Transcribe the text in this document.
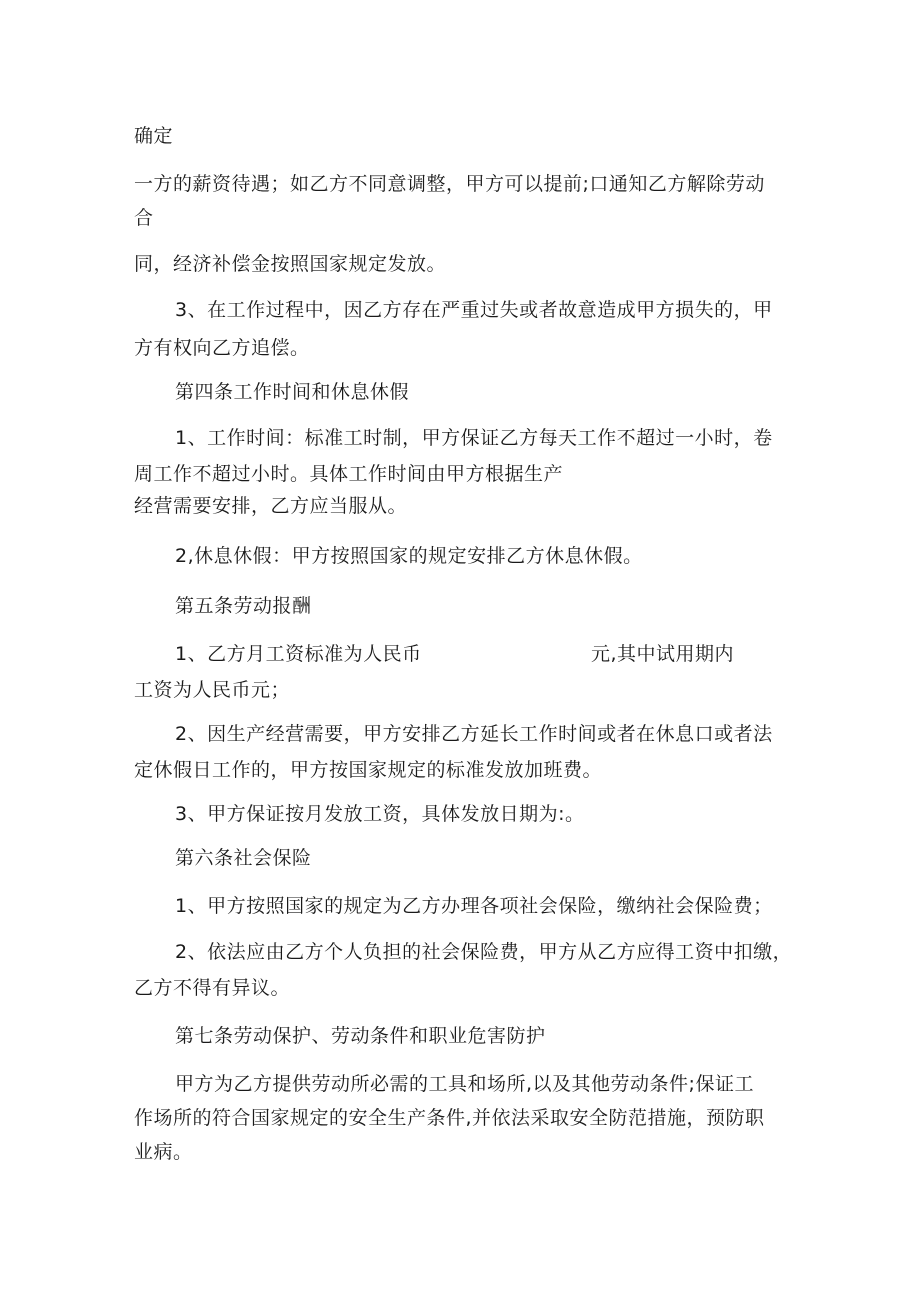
确定
一方的薪资待遇；如乙方不同意调整，甲方可以提前;口通知乙方解除劳动
合
同，经济补偿金按照国家规定发放。
3、在工作过程中，因乙方存在严重过失或者故意造成甲方损失的，甲
方有权向乙方追偿。
第四条工作时间和休息休假
1、工作时间：标准工时制，甲方保证乙方每天工作不超过一小时，卷
周工作不超过小时。具体工作时间由甲方根据生产
经营需要安排，乙方应当服从。
2,休息休假：甲方按照国家的规定安排乙方休息休假。
第五条劳动报酬
1、乙方月工资标准为人民币	元,其中试用期内
工资为人民币元；
2、因生产经营需要，甲方安排乙方延长工作时间或者在休息口或者法
定休假日工作的，甲方按国家规定的标准发放加班费。
3、甲方保证按月发放工资，具体发放日期为:。
第六条社会保险
1、甲方按照国家的规定为乙方办理各项社会保险，缴纳社会保险费；
2、依法应由乙方个人负担的社会保险费，甲方从乙方应得工资中扣缴，
乙方不得有异议。
第七条劳动保护、劳动条件和职业危害防护
甲方为乙方提供劳动所必需的工具和场所,以及其他劳动条件;保证工
作场所的符合国家规定的安全生产条件,并依法采取安全防范措施，预防职
业病。
